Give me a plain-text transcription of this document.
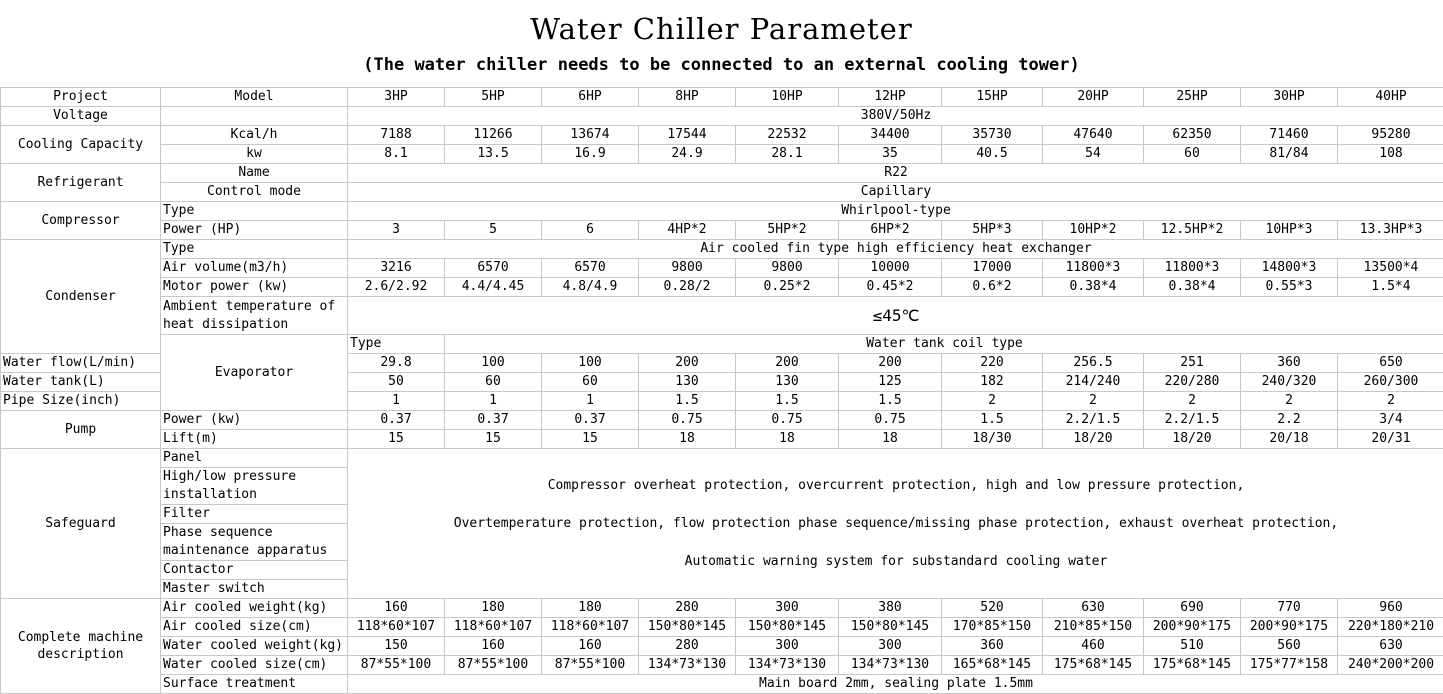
Water Chiller Parameter
(The water chiller needs to be connected to an external cooling tower)
Project	Model	3HP	5HP	6HP	8HP	10HP	12HP	15HP	20HP	25HP	30HP	40HP
Voltage		380V/50Hz										
Cooling Capacity	Kcal/h	7188	11266	13674	17544	22532	34400	35730	47640	62350	71460	95280
	kw	8.1	13.5	16.9	24.9	28.1	35	40.5	54	60	81/84	108
Refrigerant	Name	R22										
	Control mode	Capillary										
Compressor	Type	Whirlpool-type										
	Power (HP)	3	5	6	4HP*2	5HP*2	6HP*2	5HP*3	10HP*2	12.5HP*2	10HP*3	13.3HP*3
Condenser	Type	Air cooled fin type high efficiency heat exchanger										
	Air volume(m3/h)	3216	6570	6570	9800	9800	10000	17000	11800*3	11800*3	14800*3	13500*4
	Motor power (kw)	2.6/2.92	4.4/4.45	4.8/4.9	0.28/2	0.25*2	0.45*2	0.6*2	0.38*4	0.38*4	0.55*3	1.5*4
	Ambient temperature of heat dissipation	≤45℃										
	Evaporator	Type	Water tank coil type									
Water flow(L/min)		29.8	100	100	200	200	200	220	256.5	251	360	650
Water tank(L)		50	60	60	130	130	125	182	214/240	220/280	240/320	260/300
Pipe Size(inch)		1	1	1	1.5	1.5	1.5	2	2	2	2	2
Pump	Power (kw)	0.37	0.37	0.37	0.75	0.75	0.75	1.5	2.2/1.5	2.2/1.5	2.2	3/4
	Lift(m)	15	15	15	18	18	18	18/30	18/20	18/20	20/18	20/31
Safeguard	Panel	Compressor overheat protection, overcurrent protection, high and low pressure protection,
Overtemperature protection, flow protection phase sequence/missing phase protection, exhaust overheat protection,
Automatic warning system for substandard cooling water										

	High/low pressure installation											
	Filter											
	Phase sequence maintenance apparatus											
	Contactor											
	Master switch											
Complete machine description	Air cooled weight(kg)	160	180	180	280	300	380	520	630	690	770	960
	Air cooled size(cm)	118*60*107	118*60*107	118*60*107	150*80*145	150*80*145	150*80*145	170*85*150	210*85*150	200*90*175	200*90*175	220*180*210
	Water cooled weight(kg)	150	160	160	280	300	300	360	460	510	560	630
	Water cooled size(cm)	87*55*100	87*55*100	87*55*100	134*73*130	134*73*130	134*73*130	165*68*145	175*68*145	175*68*145	175*77*158	240*200*200
	Surface treatment	Main board 2mm, sealing plate 1.5mm										
